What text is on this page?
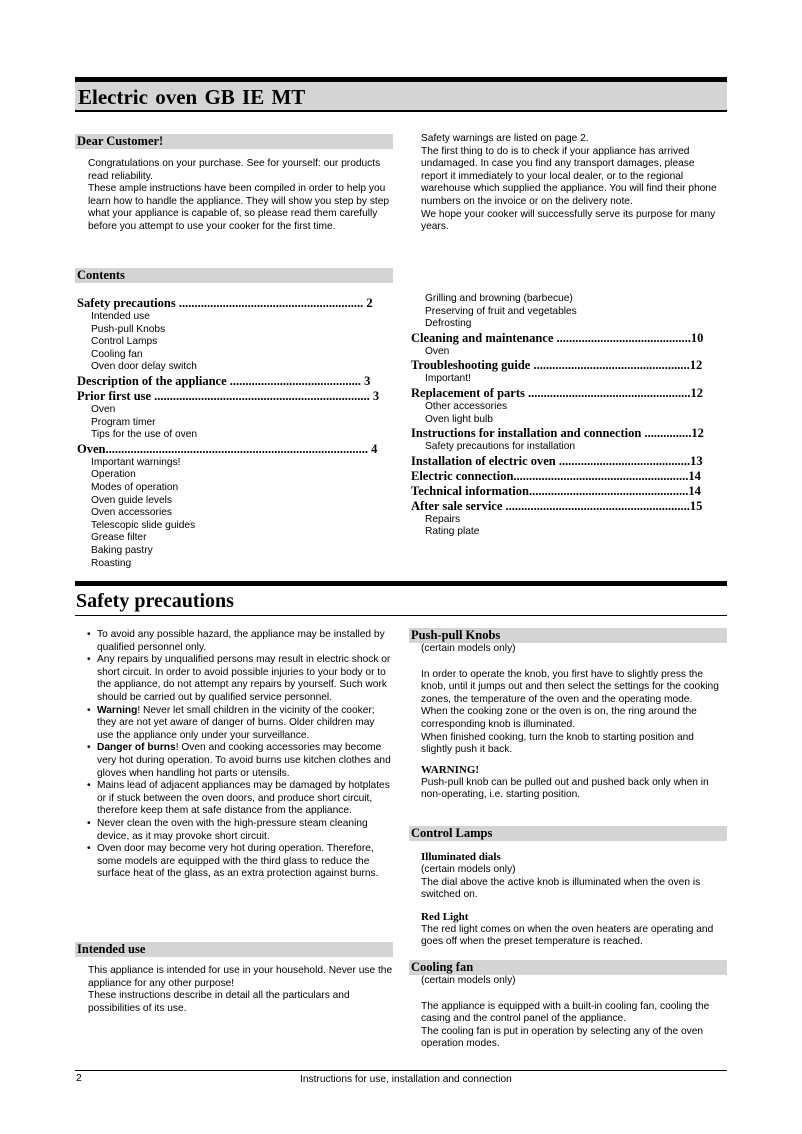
Electric oven GB IE MT
Dear Customer!

Congratulations on your purchase. See for yourself: our products read reliability.

These ample instructions have been compiled in order to help you learn how to handle the appliance. They will show you step by step what your appliance is capable of, so please read them carefully before you attempt to use your cooker for the first time.

Safety warnings are listed on page 2.

The first thing to do is to check if your appliance has arrived undamaged. In case you find any transport damages, please report it immediately to your local dealer, or to the regional warehouse which supplied the appliance. You will find their phone numbers on the invoice or on the delivery note.

We hope your cooker will successfully serve its purpose for many years.

Contents
Safety precautions ........................................................... 2
Intended use
Push-pull Knobs
Control Lamps
Cooling fan
Oven door delay switch
Description of the appliance .......................................... 3
Prior first use ..................................................................... 3
Oven
Program timer
Tips for the use of oven
Oven.................................................................................... 4
Important warnings!
Operation
Modes of operation
Oven guide levels
Oven accessories
Telescopic slide guides
Grease filter
Baking pastry
Roasting
Grilling and browning (barbecue)
Preserving of fruit and vegetables
Defrosting
Cleaning and maintenance ...........................................10
Oven
Troubleshooting guide ..................................................12
Important!
Replacement of parts ....................................................12
Other accessories
Oven light bulb
Instructions for installation and connection ...............12
Safety precautions for installation
Installation of electric oven ..........................................13
Electric connection........................................................14
Technical information...................................................14
After sale service ...........................................................15
Repairs
Rating plate
Safety precautions
• To avoid any possible hazard, the appliance may be installed by qualified personnel only.
• Any repairs by unqualified persons may result in electric shock or short circuit. In order to avoid possible injuries to your body or to the appliance, do not attempt any repairs by yourself. Such work should be carried out by qualified service personnel.
• Warning! Never let small children in the vicinity of the cooker; they are not yet aware of danger of burns. Older children may use the appliance only under your surveillance.
• Danger of burns! Oven and cooking accessories may become very hot during operation. To avoid burns use kitchen clothes and gloves when handling hot parts or utensils.
• Mains lead of adjacent appliances may be damaged by hotplates or if stuck between the oven doors, and produce short circuit, therefore keep them at safe distance from the appliance.
• Never clean the oven with the high-pressure steam cleaning device, as it may provoke short circuit.
• Oven door may become very hot during operation. Therefore, some models are equipped with the third glass to reduce the surface heat of the glass, as an extra protection against burns.
Intended use

This appliance is intended for use in your household. Never use the appliance for any other purpose!

These instructions describe in detail all the particulars and possibilities of its use.

Push-pull Knobs

(certain models only)

In order to operate the knob, you first have to slightly press the knob, until it jumps out and then select the settings for the cooking zones, the temperature of the oven and the operating mode.

When the cooking zone or the oven is on, the ring around the corresponding knob is illuminated.

When finished cooking, turn the knob to starting position and slightly push it back.

WARNING!

Push-pull knob can be pulled out and pushed back only when in non-operating, i.e. starting position.

Control Lamps
Illuminated dials

(certain models only)

The dial above the active knob is illuminated when the oven is switched on.

Red Light

The red light comes on when the oven heaters are operating and goes off when the preset temperature is reached.

Cooling fan

(certain models only)

The appliance is equipped with a built-in cooling fan, cooling the casing and the control panel of the appliance.

The cooling fan is put in operation by selecting any of the oven operation modes.

2	Instructions for use, installation and connection
